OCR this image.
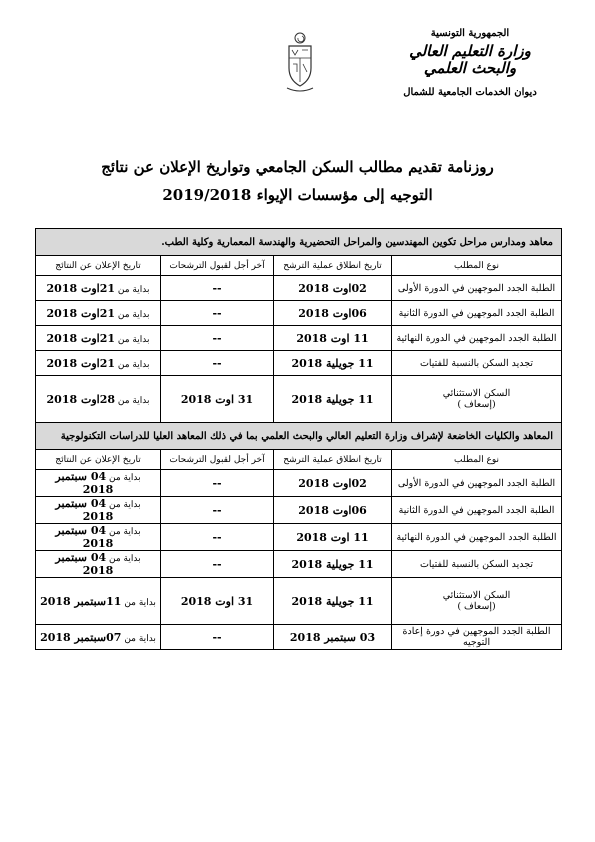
الجمهورية التونسية
وزارة التعليم العالي
والبحث العلمي
ديوان الخدمات الجامعية للشمال
روزنامة تقديم مطالب السكن الجامعي وتواريخ الإعلان عن نتائج
التوجيه إلى مؤسسات الإيواء 2019/2018
معاهد ومدارس مراحل تكوين المهندسين والمراحل التحضيرية والهندسة المعمارية وكلية الطب.			
نوع المطلب	تاريخ انطلاق عملية الترشح	آخر أجل لقبول الترشحات	تاريخ الإعلان عن النتائج
الطلبة الجدد الموجهين في الدورة الأولى	02اوت 2018	--	بداية من 21اوت 2018
الطلبة الجدد الموجهين في الدورة الثانية	06اوت 2018	--	بداية من 21اوت 2018
الطلبة الجدد الموجهين في الدورة النهائية	11 اوت 2018	--	بداية من 21اوت 2018
تجديد السكن بالنسبة للفتيات	11 جويلية 2018	--	بداية من 21اوت 2018

السكن الاستثنائي
(إسعاف )	11 جويلية 2018	31 اوت 2018	بداية من 28اوت 2018
المعاهد والكليات الخاضعة لإشراف وزارة التعليم العالي والبحث العلمي بما في ذلك المعاهد العليا للدراسات التكنولوجية			
نوع المطلب	تاريخ انطلاق عملية الترشح	آخر أجل لقبول الترشحات	تاريخ الإعلان عن النتائج
الطلبة الجدد الموجهين في الدورة الأولى	02اوت 2018	--	بداية من 04 سبتمبر 2018
الطلبة الجدد الموجهين في الدورة الثانية	06اوت 2018	--	بداية من 04 سبتمبر 2018
الطلبة الجدد الموجهين في الدورة النهائية	11 اوت 2018	--	بداية من 04 سبتمبر 2018
تجديد السكن بالنسبة للفتيات	11 جويلية 2018	--	بداية من 04 سبتمبر 2018

السكن الاستثنائي
(إسعاف )	11 جويلية 2018	31 اوت 2018	بداية من 11سبتمبر 2018
الطلبة الجدد الموجهين في دورة إعادة التوجيه	03 سبتمبر 2018	--	بداية من 07سبتمبر 2018
